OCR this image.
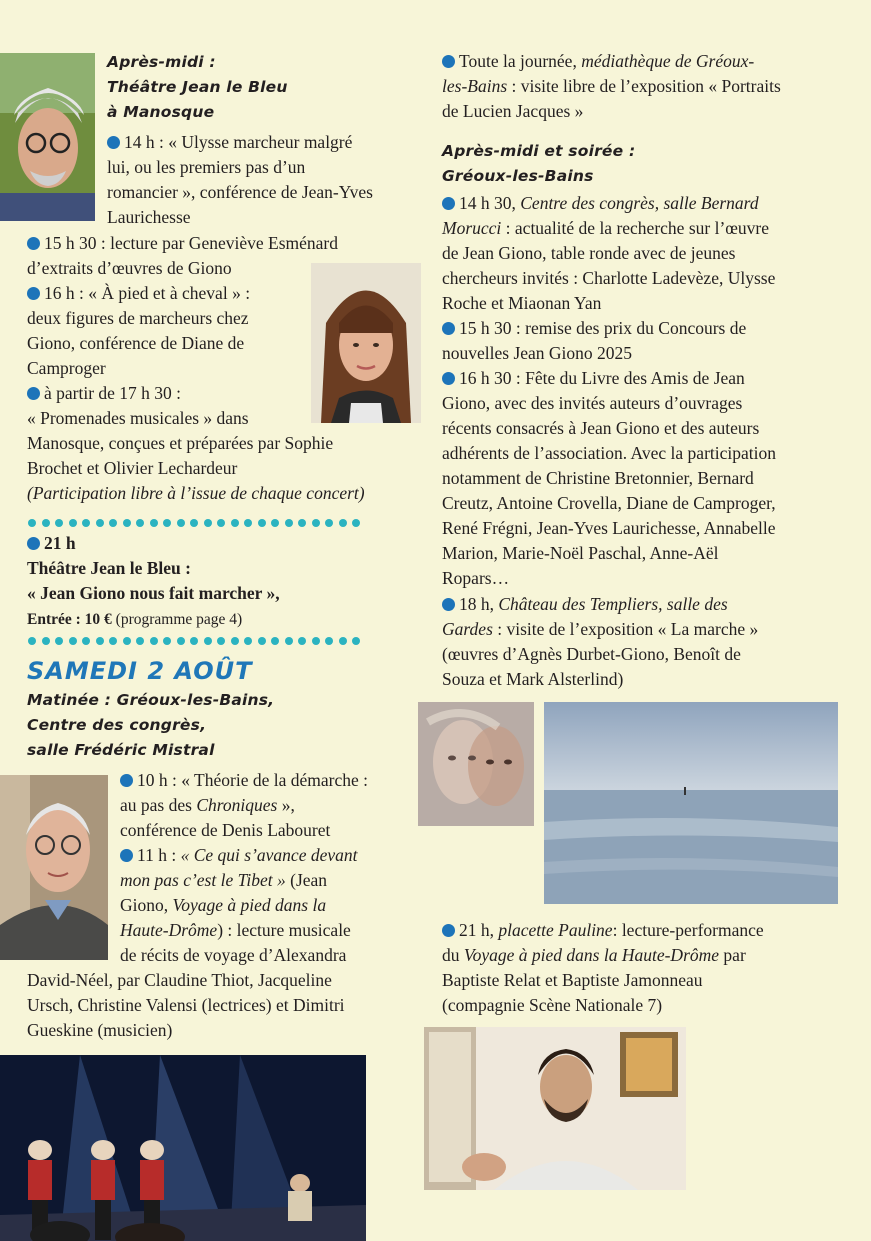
Après-midi :
Théâtre Jean le Bleu
à Manosque

14 h : « Ulysse marcheur malgré
lui, ou les premiers pas d’un
romancier », conférence de Jean-Yves
Laurichesse

15 h 30 : lecture par Geneviève Esménard
d’extraits d’œuvres de Giono

16 h : « À pied et à cheval » :
deux figures de marcheurs chez
Giono, conférence de Diane de
Camproger

à partir de 17 h 30 :
« Promenades musicales » dans
Manosque, conçues et préparées par Sophie
Brochet et Olivier Lechardeur
(Participation libre à l’issue de chaque concert)

21 h
Théâtre Jean le Bleu :
« Jean Giono nous fait marcher »,
Entrée : 10 € (programme page 4)

SAMEDI 2 AOÛT

Matinée : Gréoux-les-Bains,
Centre des congrès,
salle Frédéric Mistral

10 h : « Théorie de la démarche :
au pas des Chroniques »,
conférence de Denis Labouret

11 h : « Ce qui s’avance devant
mon pas c’est le Tibet » (Jean
Giono, Voyage à pied dans la
Haute-Drôme) : lecture musicale
de récits de voyage d’Alexandra

David-Néel, par Claudine Thiot, Jacqueline
Ursch, Christine Valensi (lectrices) et Dimitri
Gueskine (musicien)

Toute la journée, médiathèque de Gréoux-
les-Bains : visite libre de l’exposition « Portraits
de Lucien Jacques »

Après-midi et soirée :
Gréoux-les-Bains

14 h 30, Centre des congrès, salle Bernard
Morucci : actualité de la recherche sur l’œuvre
de Jean Giono, table ronde avec de jeunes
chercheurs invités : Charlotte Ladevèze, Ulysse
Roche et Miaonan Yan

15 h 30 : remise des prix du Concours de
nouvelles Jean Giono 2025

16 h 30 : Fête du Livre des Amis de Jean
Giono, avec des invités auteurs d’ouvrages
récents consacrés à Jean Giono et des auteurs
adhérents de l’association. Avec la participation
notamment de Christine Bretonnier, Bernard
Creutz, Antoine Crovella, Diane de Camproger,
René Frégni, Jean-Yves Laurichesse, Annabelle
Marion, Marie-Noël Paschal, Anne-Aël
Ropars…

18 h, Château des Templiers, salle des
Gardes : visite de l’exposition « La marche »
(œuvres d’Agnès Durbet-Giono, Benoît de
Souza et Mark Alsterlind)

21 h, placette Pauline: lecture-performance
du Voyage à pied dans la Haute-Drôme par
Baptiste Relat et Baptiste Jamonneau
(compagnie Scène Nationale 7)
